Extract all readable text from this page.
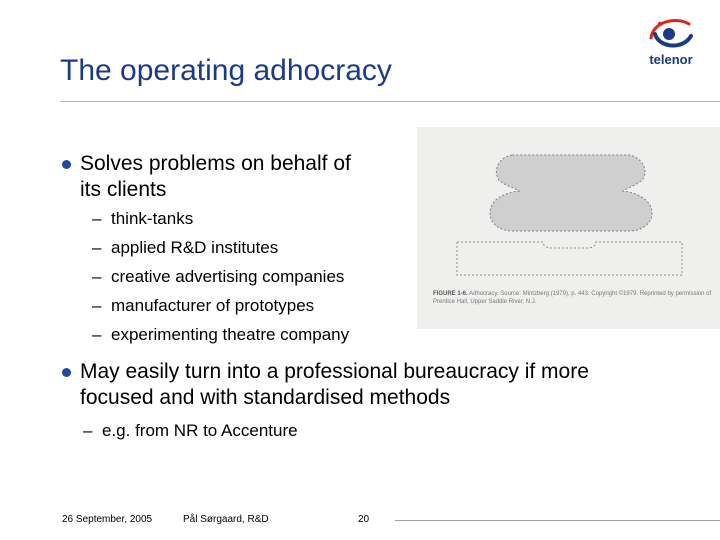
The operating adhocracy	telenor
Solves problems on behalf of
its clients
– think-tanks
– applied R&D institutes
– creative advertising companies
– manufacturer of prototypes
– experimenting theatre company
FIGURE 1-6. Adhocracy. Source: Mintzberg (1979), p. 443. Copyright ©1979. Reprinted by permission of Prentice Hall, Upper Saddle River, N.J.
May easily turn into a professional bureaucracy if more
focused and with standardised methods
– e.g. from NR to Accenture
26 September, 2005	Pål Sørgaard, R&D	20
